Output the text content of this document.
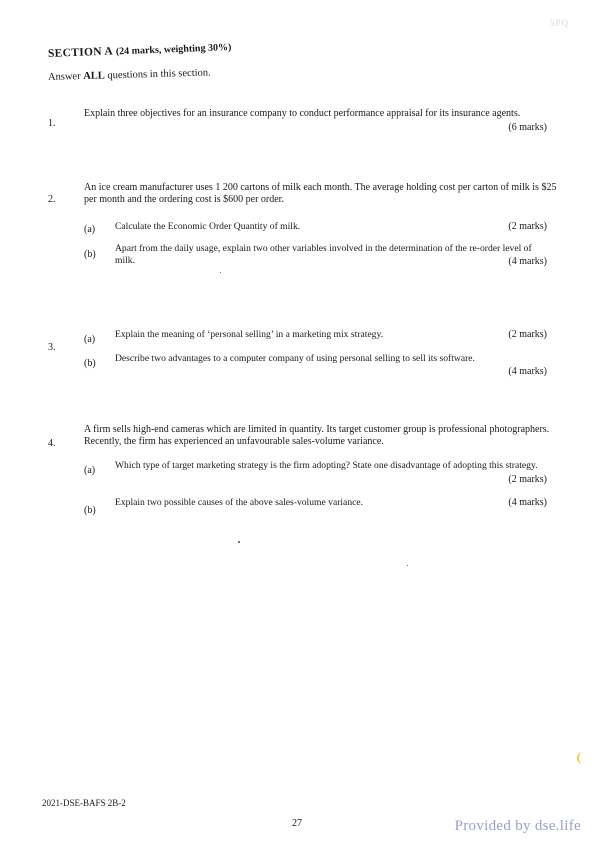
5PQ
SECTION A (24 marks, weighting 30%)
Answer ALL questions in this section.
1.
Explain three objectives for an insurance company to conduct performance appraisal for its insurance agents.
(6 marks)
2.
An ice cream manufacturer uses 1 200 cartons of milk each month. The average holding cost per carton of milk is $25 per month and the ordering cost is $600 per order.
(a) Calculate the Economic Order Quantity of milk.	(2 marks)
(b)
Apart from the daily usage, explain two other variables involved in the determination of the re-order level of milk.	(4 marks)
3.
(a) Explain the meaning of ‘personal selling’ in a marketing mix strategy.	(2 marks)
(b) Describe two advantages to a computer company of using personal selling to sell its software.
(4 marks)
4.
A firm sells high-end cameras which are limited in quantity. Its target customer group is professional photographers. Recently, the firm has experienced an unfavourable sales-volume variance.
(a) Which type of target marketing strategy is the firm adopting? State one disadvantage of adopting this strategy.
(2 marks)
(b)
Explain two possible causes of the above sales-volume variance.	(4 marks)
2021-DSE-BAFS 2B-2
27	Provided by dse.life
